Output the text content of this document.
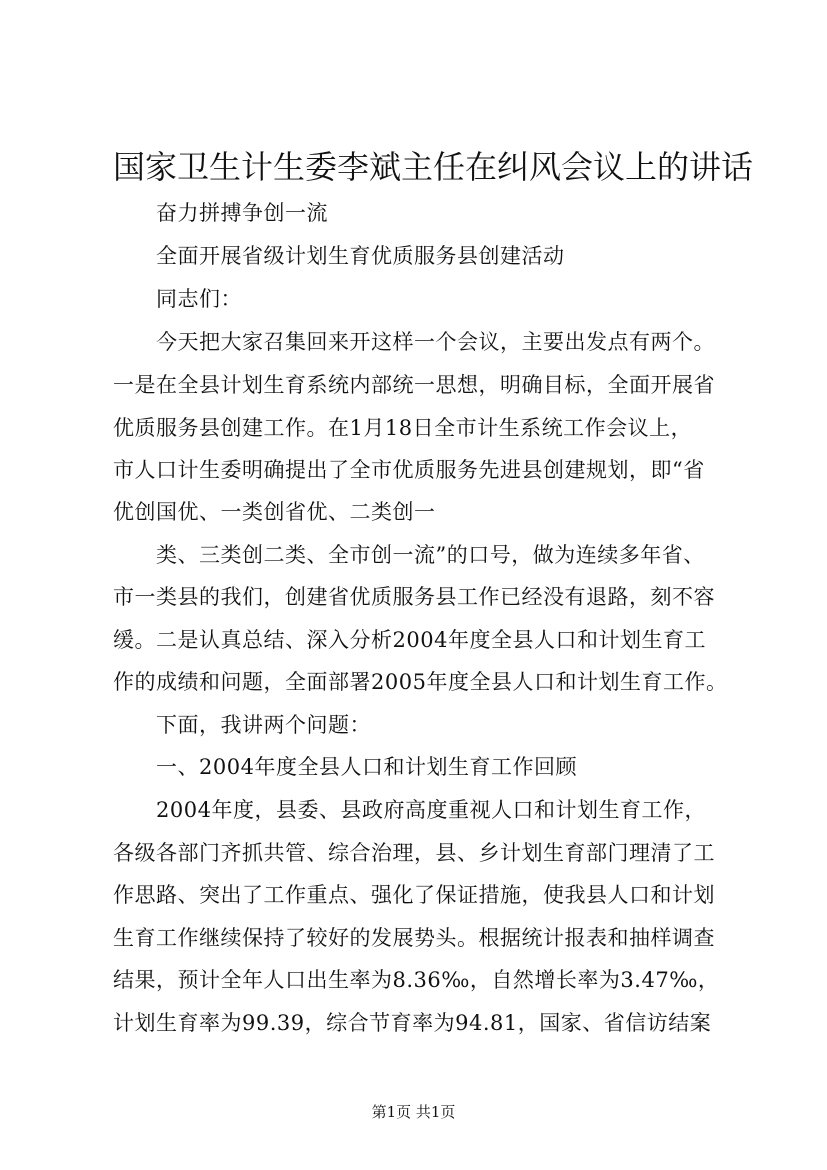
国家卫生计生委李斌主任在纠风会议上的讲话
奋力拼搏争创一流
全面开展省级计划生育优质服务县创建活动
同志们：
今天把大家召集回来开这样一个会议，主要出发点有两个。
一是在全县计划生育系统内部统一思想，明确目标，全面开展省
优质服务县创建工作。在1月18日全市计生系统工作会议上，
市人口计生委明确提出了全市优质服务先进县创建规划，即“省
优创国优、一类创省优、二类创一
类、三类创二类、全市创一流”的口号，做为连续多年省、
市一类县的我们，创建省优质服务县工作已经没有退路，刻不容
缓。二是认真总结、深入分析2004年度全县人口和计划生育工
作的成绩和问题，全面部署2005年度全县人口和计划生育工作。
下面，我讲两个问题：
一、2004年度全县人口和计划生育工作回顾
2004年度，县委、县政府高度重视人口和计划生育工作，
各级各部门齐抓共管、综合治理，县、乡计划生育部门理清了工
作思路、突出了工作重点、强化了保证措施，使我县人口和计划
生育工作继续保持了较好的发展势头。根据统计报表和抽样调查
结果，预计全年人口出生率为8.36‰，自然增长率为3.47‰，
计划生育率为99.39，综合节育率为94.81，国家、省信访结案
第1页 共1页
